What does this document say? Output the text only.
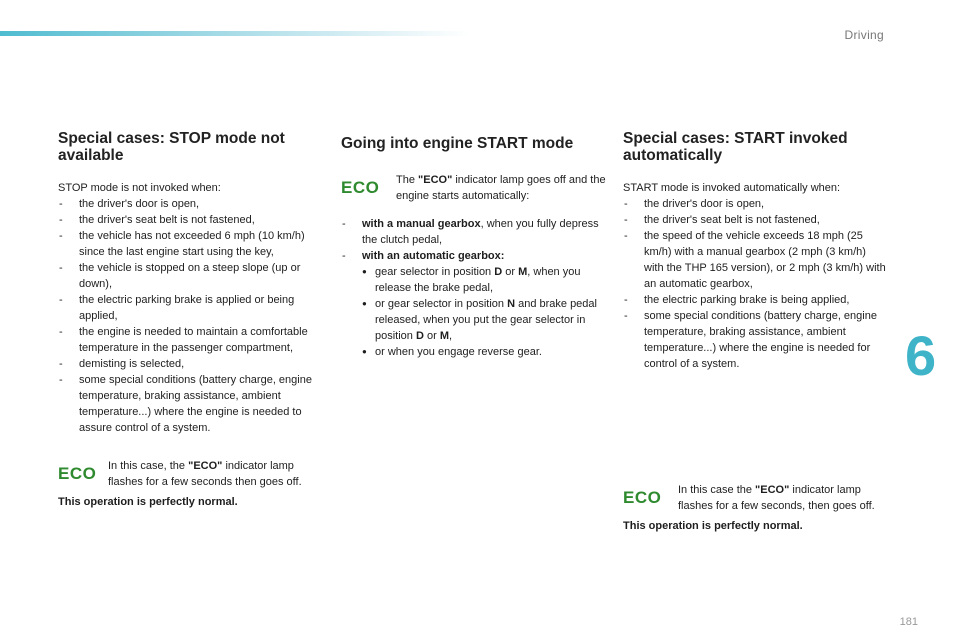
Driving
6
Special cases: STOP mode not available

STOP mode is not invoked when:

- the driver's door is open,
- the driver's seat belt is not fastened,
- the vehicle has not exceeded 6 mph (10 km/h) since the last engine start using the key,
- the vehicle is stopped on a steep slope (up or down),
- the electric parking brake is applied or being applied,
- the engine is needed to maintain a comfortable temperature in the passenger compartment,
- demisting is selected,
- some special conditions (battery charge, engine temperature, braking assistance, ambient temperature...) where the engine is needed to assure control of a system.
ECO	In this case, the "ECO" indicator lamp flashes for a few seconds then goes off.
This operation is perfectly normal.
Going into engine START mode
ECO	The "ECO" indicator lamp goes off and the engine starts automatically:
- with a manual gearbox, when you fully depress the clutch pedal,
- with an automatic gearbox:
● gear selector in position D or M, when you release the brake pedal,
● or gear selector in position N and brake pedal released, when you put the gear selector in position D or M,
● or when you engage reverse gear.
Special cases: START invoked automatically

START mode is invoked automatically when:

- the driver's door is open,
- the driver's seat belt is not fastened,
- the speed of the vehicle exceeds 18 mph (25 km/h) with a manual gearbox (2 mph (3 km/h) with the THP 165 version), or 2 mph (3 km/h) with an automatic gearbox,
- the electric parking brake is being applied,
- some special conditions (battery charge, engine temperature, braking assistance, ambient temperature...) where the engine is needed for control of a system.
ECO	In this case the "ECO" indicator lamp flashes for a few seconds, then goes off.
This operation is perfectly normal.
181
